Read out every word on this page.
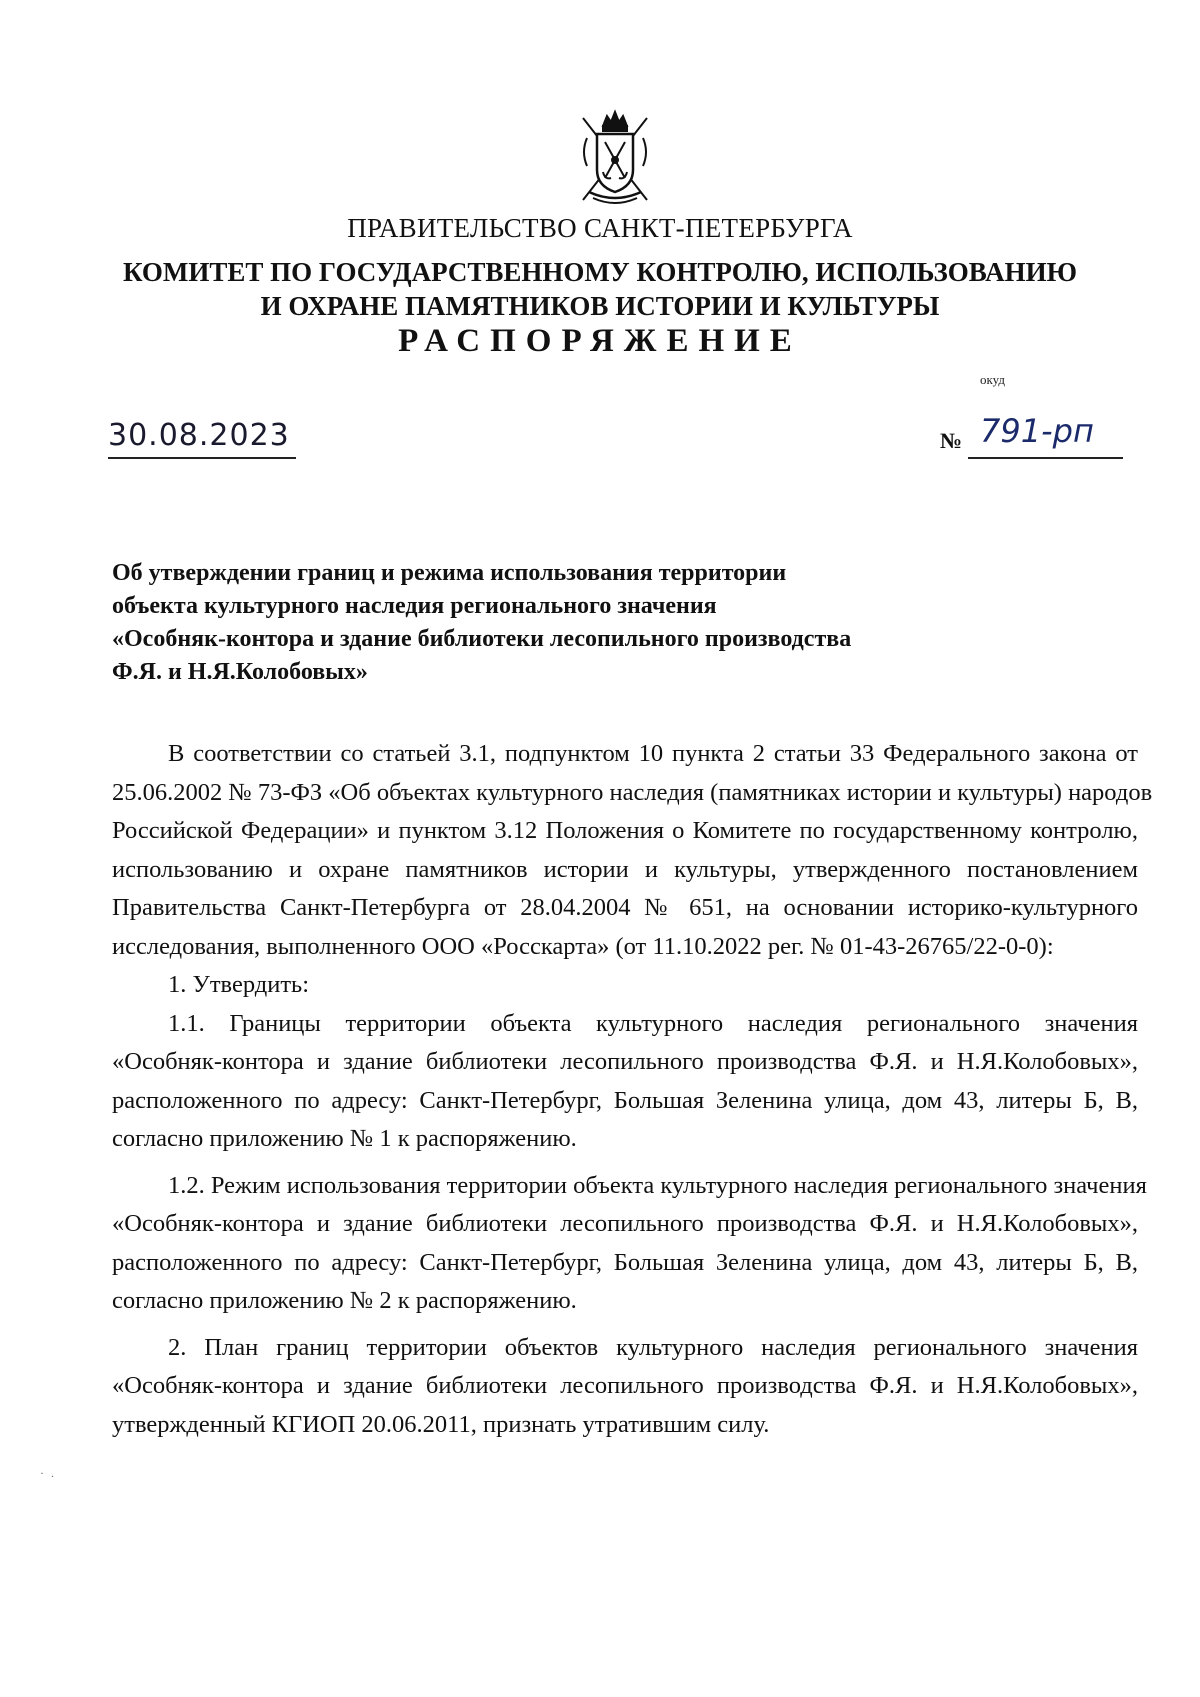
ПРАВИТЕЛЬСТВО САНКТ-ПЕТЕРБУРГА
КОМИТЕТ ПО ГОСУДАРСТВЕННОМУ КОНТРОЛЮ, ИСПОЛЬЗОВАНИЮ
И ОХРАНЕ ПАМЯТНИКОВ ИСТОРИИ И КУЛЬТУРЫ
РАСПОРЯЖЕНИЕ
окуд
30.08.2023	№ 791-рп
Об утверждении границ и режима использования территории
объекта культурного наследия регионального значения
«Особняк-контора и здание библиотеки лесопильного производства
Ф.Я. и Н.Я.Колобовых»
В соответствии со статьей 3.1, подпунктом 10 пункта 2 статьи 33 Федерального закона от
25.06.2002 № 73-ФЗ «Об объектах культурного наследия (памятниках истории и культуры) народов
Российской Федерации» и пунктом 3.12 Положения о Комитете по государственному контролю,
использованию и охране памятников истории и культуры, утвержденного постановлением
Правительства Санкт-Петербурга от 28.04.2004 № 651, на основании историко-культурного
исследования, выполненного ООО «Росскарта» (от 11.10.2022 рег. № 01-43-26765/22-0-0):
1. Утвердить:
1.1. Границы территории объекта культурного наследия регионального значения
«Особняк-контора и здание библиотеки лесопильного производства Ф.Я. и Н.Я.Колобовых»,
расположенного по адресу: Санкт-Петербург, Большая Зеленина улица, дом 43, литеры Б, В,
согласно приложению № 1 к распоряжению.
1.2. Режим использования территории объекта культурного наследия регионального значения
«Особняк-контора и здание библиотеки лесопильного производства Ф.Я. и Н.Я.Колобовых»,
расположенного по адресу: Санкт-Петербург, Большая Зеленина улица, дом 43, литеры Б, В,
согласно приложению № 2 к распоряжению.
2. План границ территории объектов культурного наследия регионального значения
«Особняк-контора и здание библиотеки лесопильного производства Ф.Я. и Н.Я.Колобовых»,
утвержденный КГИОП 20.06.2011, признать утратившим силу.
· .
